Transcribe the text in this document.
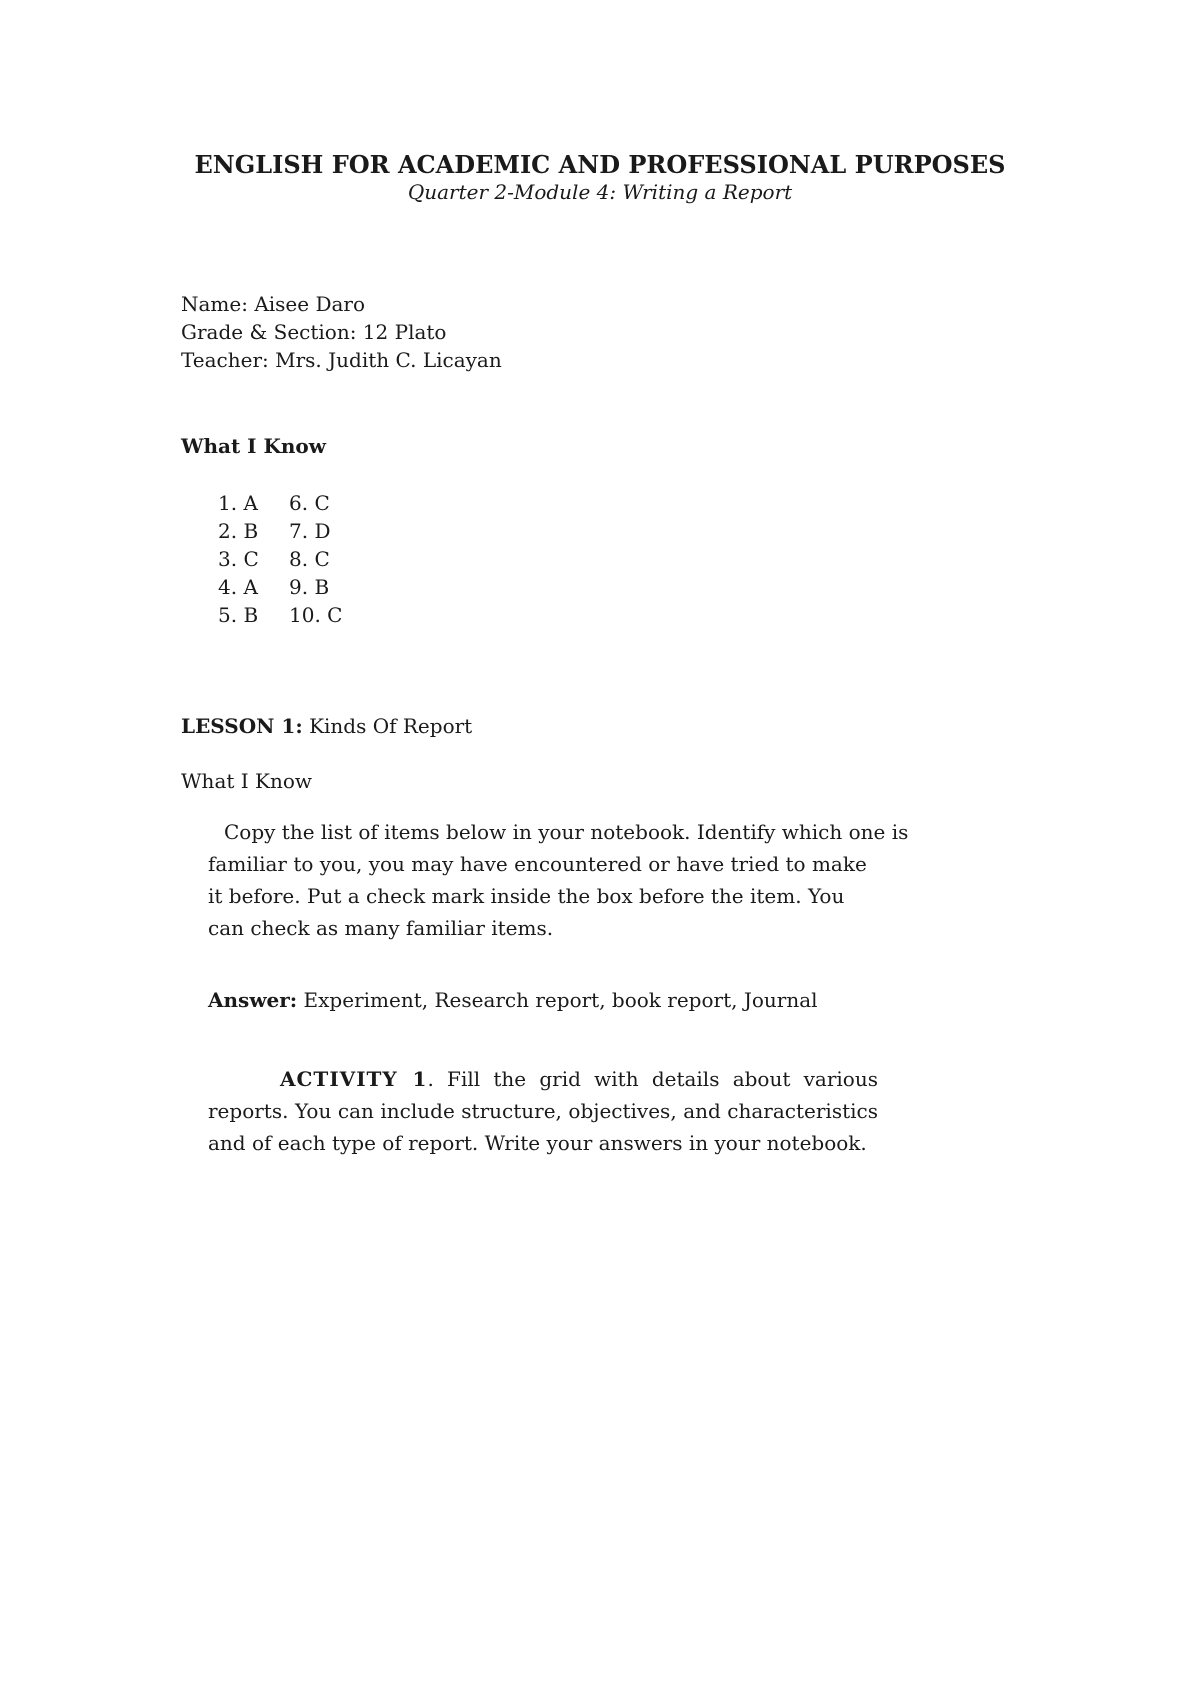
ENGLISH FOR ACADEMIC AND PROFESSIONAL PURPOSES
Quarter 2-Module 4: Writing a Report
Name: Aisee Daro
Grade & Section: 12 Plato
Teacher: Mrs. Judith C. Licayan
What I Know
1. A 6. C
2. B 7. D
3. C 8. C
4. A 9. B
5. B 10. C
LESSON 1: Kinds Of Report
What I Know
Copy the list of items below in your notebook. Identify which one is
familiar to you, you may have encountered or have tried to make
it before. Put a check mark inside the box before the item. You
can check as many familiar items.
Answer: Experiment, Research report, book report, Journal
ACTIVITY 1. Fill the grid with details about various reports. You can include structure, objectives, and characteristics and of each type of report. Write your answers in your notebook.
